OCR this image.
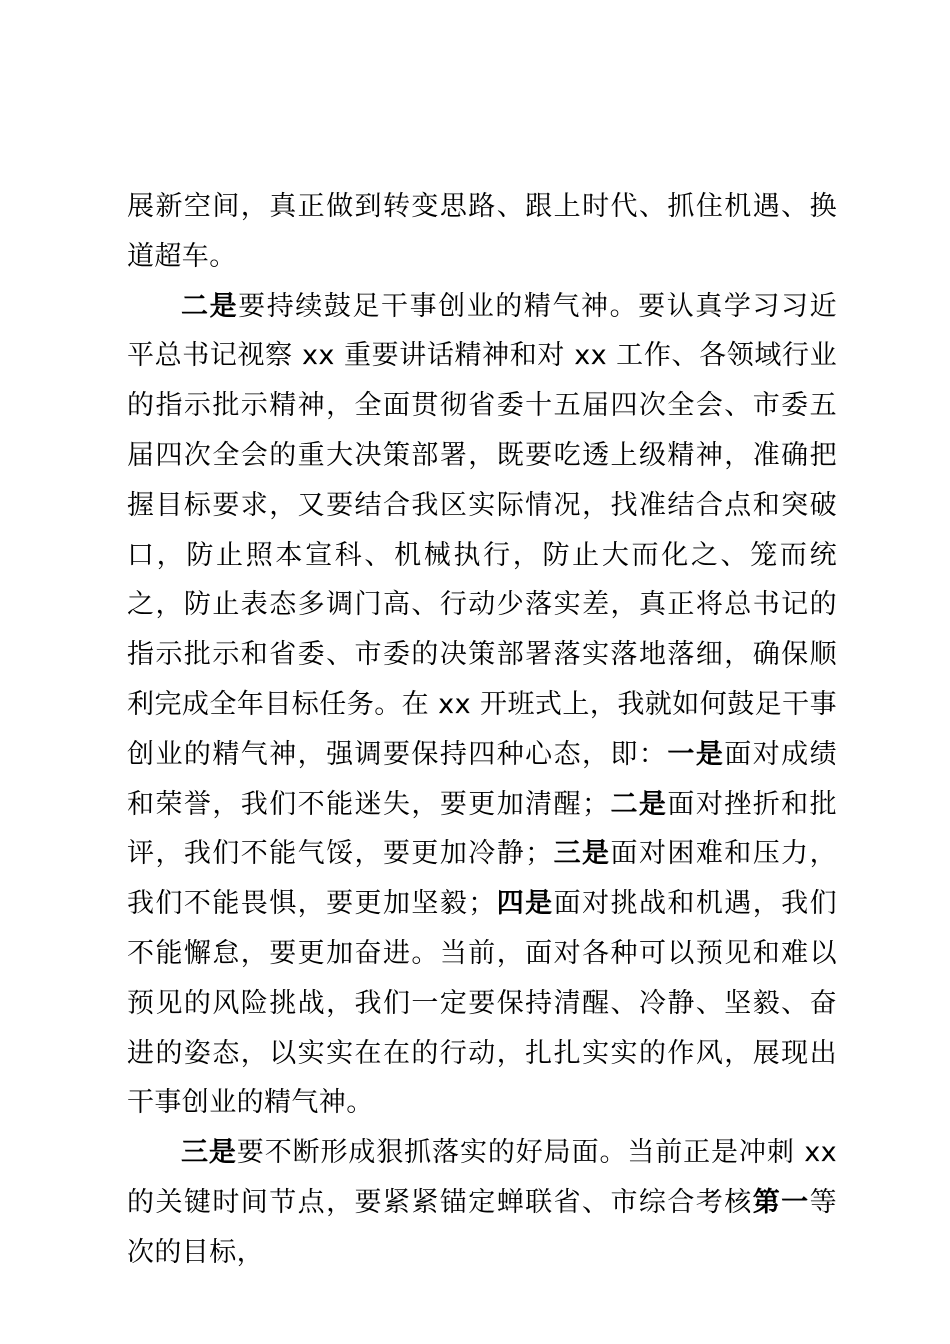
展新空间，真正做到转变思路、跟上时代、抓住机遇、换道超车。

二是要持续鼓足干事创业的精气神。要认真学习习近平总书记视察 xx 重要讲话精神和对 xx 工作、各领域行业的指示批示精神，全面贯彻省委十五届四次全会、市委五届四次全会的重大决策部署，既要吃透上级精神，准确把握目标要求，又要结合我区实际情况，找准结合点和突破口，防止照本宣科、机械执行，防止大而化之、笼而统之，防止表态多调门高、行动少落实差，真正将总书记的指示批示和省委、市委的决策部署落实落地落细，确保顺利完成全年目标任务。在 xx 开班式上，我就如何鼓足干事创业的精气神，强调要保持四种心态，即：一是面对成绩和荣誉，我们不能迷失，要更加清醒；二是面对挫折和批评，我们不能气馁，要更加冷静；三是面对困难和压力，我们不能畏惧，要更加坚毅；四是面对挑战和机遇，我们不能懈怠，要更加奋进。当前，面对各种可以预见和难以预见的风险挑战，我们一定要保持清醒、冷静、坚毅、奋进的姿态，以实实在在的行动，扎扎实实的作风，展现出干事创业的精气神。

三是要不断形成狠抓落实的好局面。当前正是冲刺 xx 的关键时间节点，要紧紧锚定蝉联省、市综合考核第一等次的目标，
